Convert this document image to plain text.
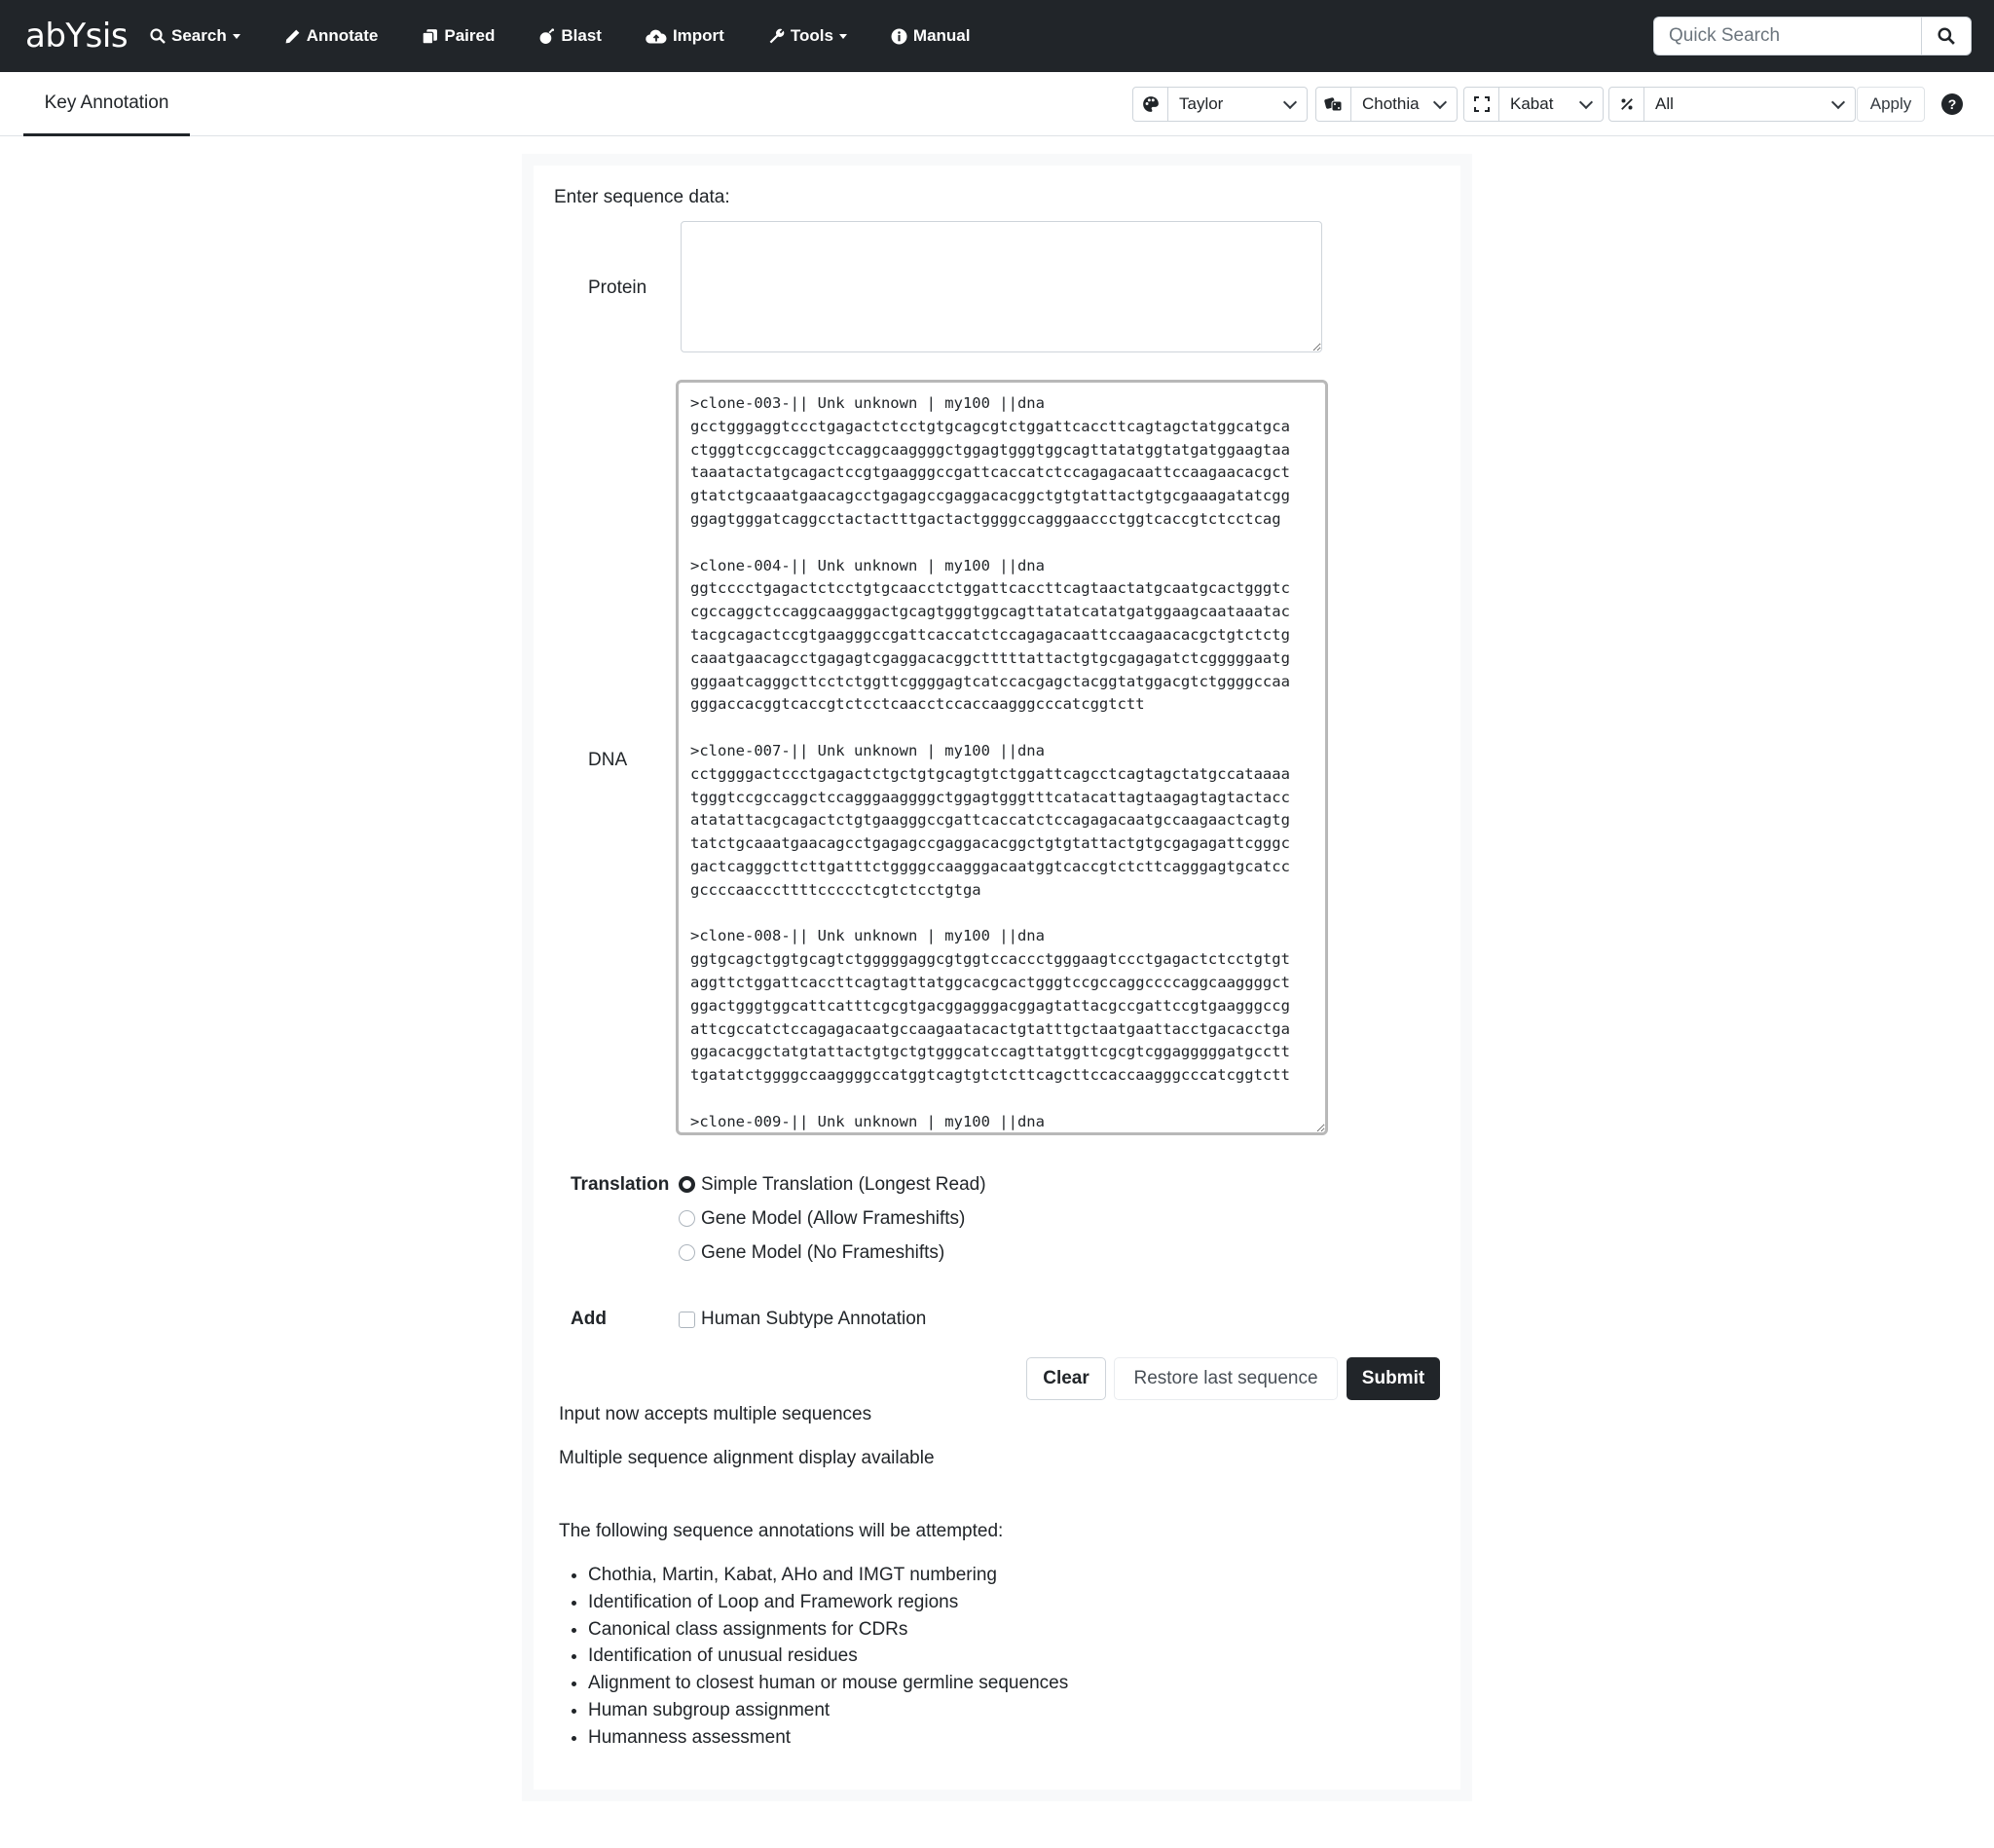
abYsis	Search	Annotate	Paired	Blast	Import	Tools	Manual
Quick Search
Key Annotation	Taylor	Chothia	Kabat	All	Apply	?
Enter sequence data:
Protein
DNA
>clone-003-|| Unk unknown | my100 ||dna
gcctgggaggtccctgagactctcctgtgcagcgtctggattcaccttcagtagctatggcatgca
ctgggtccgccaggctccaggcaaggggctggagtgggtggcagttatatggtatgatggaagtaa
taaatactatgcagactccgtgaagggccgattcaccatctccagagacaattccaagaacacgct
gtatctgcaaatgaacagcctgagagccgaggacacggctgtgtattactgtgcgaaagatatcgg
ggagtgggatcaggcctactactttgactactggggccagggaaccctggtcaccgtctcctcag

>clone-004-|| Unk unknown | my100 ||dna
ggtcccctgagactctcctgtgcaacctctggattcaccttcagtaactatgcaatgcactgggtc
cgccaggctccaggcaagggactgcagtgggtggcagttatatcatatgatggaagcaataaatac
tacgcagactccgtgaagggccgattcaccatctccagagacaattccaagaacacgctgtctctg
caaatgaacagcctgagagtcgaggacacggctttttattactgtgcgagagatctcgggggaatg
gggaatcagggcttcctctggttcggggagtcatccacgagctacggtatggacgtctggggccaa
gggaccacggtcaccgtctcctcaacctccaccaagggcccatcggtctt

>clone-007-|| Unk unknown | my100 ||dna
cctggggactccctgagactctgctgtgcagtgtctggattcagcctcagtagctatgccataaaa
tgggtccgccaggctccagggaaggggctggagtgggtttcatacattagtaagagtagtactacc
atatattacgcagactctgtgaagggccgattcaccatctccagagacaatgccaagaactcagtg
tatctgcaaatgaacagcctgagagccgaggacacggctgtgtattactgtgcgagagattcgggc
gactcagggcttcttgatttctggggccaagggacaatggtcaccgtctcttcagggagtgcatcc
gccccaacccttttccccctcgtctcctgtga

>clone-008-|| Unk unknown | my100 ||dna
ggtgcagctggtgcagtctgggggaggcgtggtccaccctgggaagtccctgagactctcctgtgt
aggttctggattcaccttcagtagttatggcacgcactgggtccgccaggccccaggcaaggggct
ggactgggtggcattcatttcgcgtgacggagggacggagtattacgccgattccgtgaagggccg
attcgccatctccagagacaatgccaagaatacactgtatttgctaatgaattacctgacacctga
ggacacggctatgtattactgtgctgtgggcatccagttatggttcgcgtcggagggggatgcctt
tgatatctggggccaaggggccatggtcagtgtctcttcagcttccaccaagggcccatcggtctt

>clone-009-|| Unk unknown | my100 ||dna
Translation Simple Translation (Longest Read)
Gene Model (Allow Frameshifts)
Gene Model (No Frameshifts)
Add	Human Subtype Annotation
Clear	Restore last sequence	Submit
Input now accepts multiple sequences
Multiple sequence alignment display available
The following sequence annotations will be attempted:
• Chothia, Martin, Kabat, AHo and IMGT numbering
• Identification of Loop and Framework regions
• Canonical class assignments for CDRs
• Identification of unusual residues
• Alignment to closest human or mouse germline sequences
• Human subgroup assignment
• Humanness assessment
